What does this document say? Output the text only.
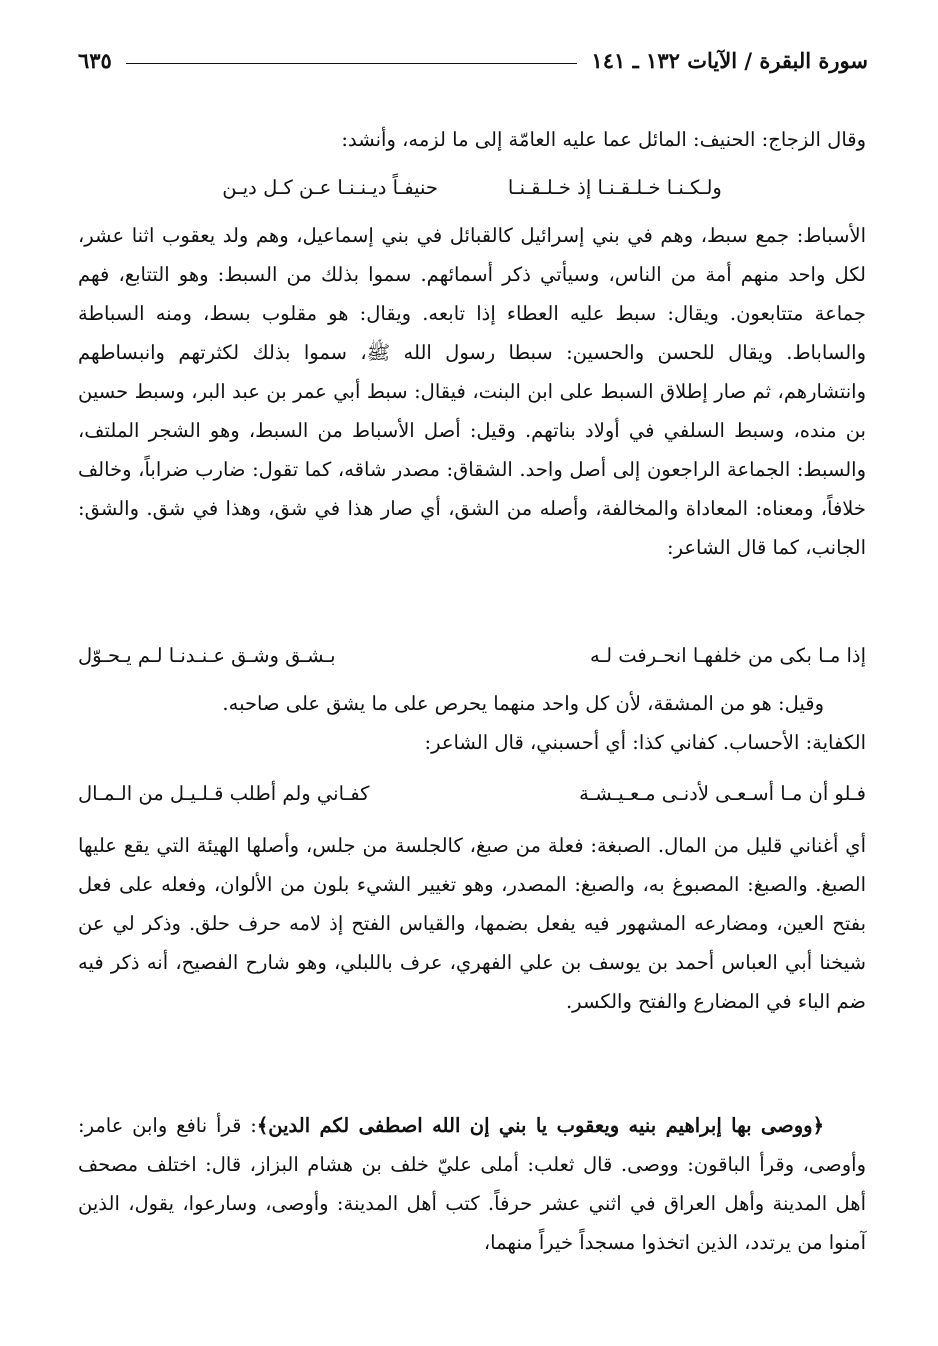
سورة البقرة / الآيات ١٣٢ ـ ١٤١
٦٣٥

وقال الزجاج: الحنيف: المائل عما عليه العامّة إلى ما لزمه، وأنشد:

ولـكـنـا خـلـقـنـا إذ خـلـقـنـا
حنيفـاً ديـنـنـا عـن كـل ديـن

الأسباط: جمع سبط، وهم في بني إسرائيل كالقبائل في بني إسماعيل، وهم ولد يعقوب اثنا عشر، لكل واحد منهم أمة من الناس، وسيأتي ذكر أسمائهم. سموا بذلك من السبط: وهو التتابع، فهم جماعة متتابعون. ويقال: سبط عليه العطاء إذا تابعه. ويقال: هو مقلوب بسط، ومنه السباطة والساباط. ويقال للحسن والحسين: سبطا رسول الله ﷺ، سموا بذلك لكثرتهم وانبساطهم وانتشارهم، ثم صار إطلاق السبط على ابن البنت، فيقال: سبط أبي عمر بن عبد البر، وسبط حسين بن منده، وسبط السلفي في أولاد بناتهم. وقيل: أصل الأسباط من السبط، وهو الشجر الملتف، والسبط: الجماعة الراجعون إلى أصل واحد. الشقاق: مصدر شاقه، كما تقول: ضارب ضراباً، وخالف خلافاً، ومعناه: المعاداة والمخالفة، وأصله من الشق، أي صار هذا في شق، وهذا في شق. والشق: الجانب، كما قال الشاعر:

إذا مـا بكى من خلفهـا انحـرفت لـه
بـشـق وشـق عـنـدنـا لـم يـحـوّل

وقيل: هو من المشقة، لأن كل واحد منهما يحرص على ما يشق على صاحبه.

الكفاية: الأحساب. كفاني كذا: أي أحسبني، قال الشاعر:

فـلو أن مـا أسـعـى لأدنـى مـعـيـشـة
كفـاني ولم أطلب قـلـيـل من الـمـال

أي أغناني قليل من المال. الصبغة: فعلة من صبغ، كالجلسة من جلس، وأصلها الهيئة التي يقع عليها الصبغ. والصبغ: المصبوغ به، والصبغ: المصدر، وهو تغيير الشيء بلون من الألوان، وفعله على فعل بفتح العين، ومضارعه المشهور فيه يفعل بضمها، والقياس الفتح إذ لامه حرف حلق. وذكر لي عن شيخنا أبي العباس أحمد بن يوسف بن علي الفهري، عرف باللبلي، وهو شارح الفصيح، أنه ذكر فيه ضم الباء في المضارع والفتح والكسر.

﴿ووصى بها إبراهيم بنيه ويعقوب يا بني إن الله اصطفى لكم الدين﴾: قرأ نافع وابن عامر: وأوصى، وقرأ الباقون: ووصى. قال ثعلب: أملى عليّ خلف بن هشام البزاز، قال: اختلف مصحف أهل المدينة وأهل العراق في اثني عشر حرفاً. كتب أهل المدينة: وأوصى، وسارعوا، يقول، الذين آمنوا من يرتدد، الذين اتخذوا مسجداً خيراً منهما،
